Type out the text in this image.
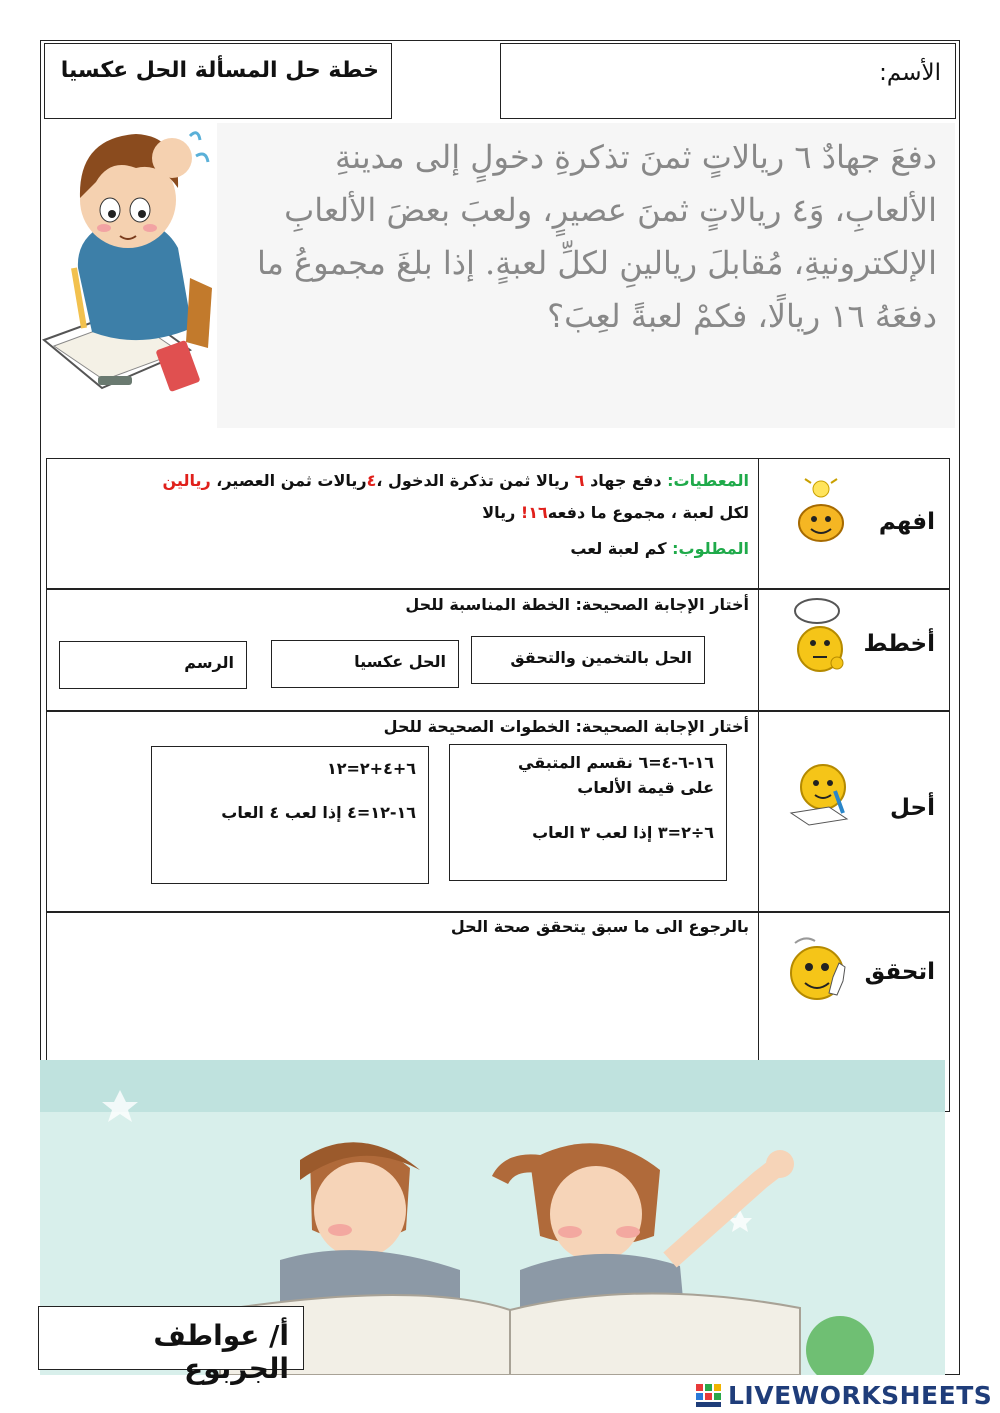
خطة حل المسألة الحل عكسيا	الأسم:

دفعَ جهادٌ ٦ ريالاتٍ ثمنَ تذكرةِ دخولٍ إلى مدينةِ الألعابِ، وَ٤ ريالاتٍ ثمنَ عصيرٍ، ولعبَ بعضَ الألعابِ الإلكترونيةِ، مُقابلَ ريالينِ لكلِّ لعبةٍ. إذا بلغَ مجموعُ ما دفعَهُ ١٦ ريالًا، فكمْ لعبةً لعِبَ؟

افهم
المعطيات: دفع جهاد ٦ ريالا ثمن تذكرة الدخول ،٤ريالات ثمن العصير، ريالين
لكل لعبة ، مجموع ما دفعه١٦! ريالا
المطلوب: كم لعبة لعب
أخطط
أختار الإجابة الصحيحة: الخطة المناسبة للحل
الحل بالتخمين والتحقق
الحل عكسيا
الرسم
أحل
أختار الإجابة الصحيحة: الخطوات الصحيحة للحل
١٦-٦-٤=٦ نقسم المتبقي
على قيمة الألعاب
٦÷٢=٣ إذا لعب ٣ العاب
٦+٤+٢=١٢
١٦-١٢=٤ إذا لعب ٤ العاب
اتحقق
بالرجوع الى ما سبق يتحقق صحة الحل
أ/ عواطف الجربوع
LIVEWORKSHEETS
